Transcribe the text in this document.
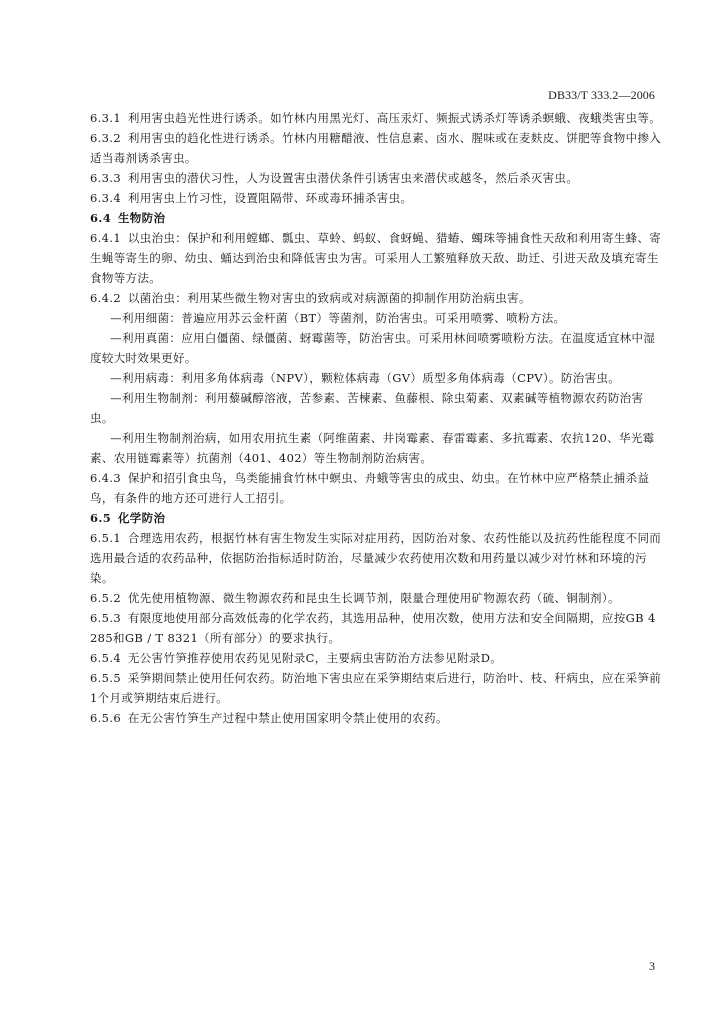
DB33/T 333.2—2006

6.3.1 利用害虫趋光性进行诱杀。如竹林内用黑光灯、高压汞灯、频振式诱杀灯等诱杀螟蛾、夜蛾类害虫等。

6.3.2 利用害虫的趋化性进行诱杀。竹林内用糖醋液、性信息素、卤水、腥味或在麦麸皮、饼肥等食物中掺入适当毒剂诱杀害虫。

6.3.3 利用害虫的潜伏习性，人为设置害虫潜伏条件引诱害虫来潜伏或越冬，然后杀灭害虫。

6.3.4 利用害虫上竹习性，设置阻隔带、环或毒环捕杀害虫。

6.4 生物防治

6.4.1 以虫治虫：保护和利用螳螂、瓢虫、草蛉、蚂蚁、食蚜蝇、猎蝽、蠋珠等捕食性天敌和利用寄生蜂、寄生蝇等寄生的卵、幼虫、蛹达到治虫和降低害虫为害。可采用人工繁殖释放天敌、助迁、引进天敌及填充寄生食物等方法。

6.4.2 以菌治虫：利用某些微生物对害虫的致病或对病源菌的抑制作用防治病虫害。

—利用细菌：普遍应用苏云金杆菌（BT）等菌剂，防治害虫。可采用喷雾、喷粉方法。

—利用真菌：应用白僵菌、绿僵菌、蚜霉菌等，防治害虫。可采用林间喷雾喷粉方法。在温度适宜林中湿度较大时效果更好。

—利用病毒：利用多角体病毒（NPV），颗粒体病毒（GV）质型多角体病毒（CPV）。防治害虫。

—利用生物制剂：利用藜碱醇溶液，苦参素、苦楝素、鱼藤根、除虫菊素、双素碱等植物源农药防治害虫。

—利用生物制剂治病，如用农用抗生素（阿维菌素、井岗霉素、春雷霉素、多抗霉素、农抗120、华光霉素、农用链霉素等）抗菌剂（401、402）等生物制剂防治病害。

6.4.3 保护和招引食虫鸟，鸟类能捕食竹林中螟虫、舟蛾等害虫的成虫、幼虫。在竹林中应严格禁止捕杀益鸟，有条件的地方还可进行人工招引。

6.5 化学防治

6.5.1 合理选用农药，根据竹林有害生物发生实际对症用药，因防治对象、农药性能以及抗药性能程度不同而选用最合适的农药品种，依据防治指标适时防治，尽量减少农药使用次数和用药量以减少对竹林和环境的污染。

6.5.2 优先使用植物源、微生物源农药和昆虫生长调节剂，限量合理使用矿物源农药（硫、铜制剂）。

6.5.3 有限度地使用部分高效低毒的化学农药，其选用品种，使用次数，使用方法和安全间隔期，应按GB 4285和GB / T 8321（所有部分）的要求执行。

6.5.4 无公害竹笋推荐使用农药见见附录C，主要病虫害防治方法参见附录D。

6.5.5 采笋期间禁止使用任何农药。防治地下害虫应在采笋期结束后进行，防治叶、枝、秆病虫，应在采笋前1个月或笋期结束后进行。

6.5.6 在无公害竹笋生产过程中禁止使用国家明令禁止使用的农药。

3
